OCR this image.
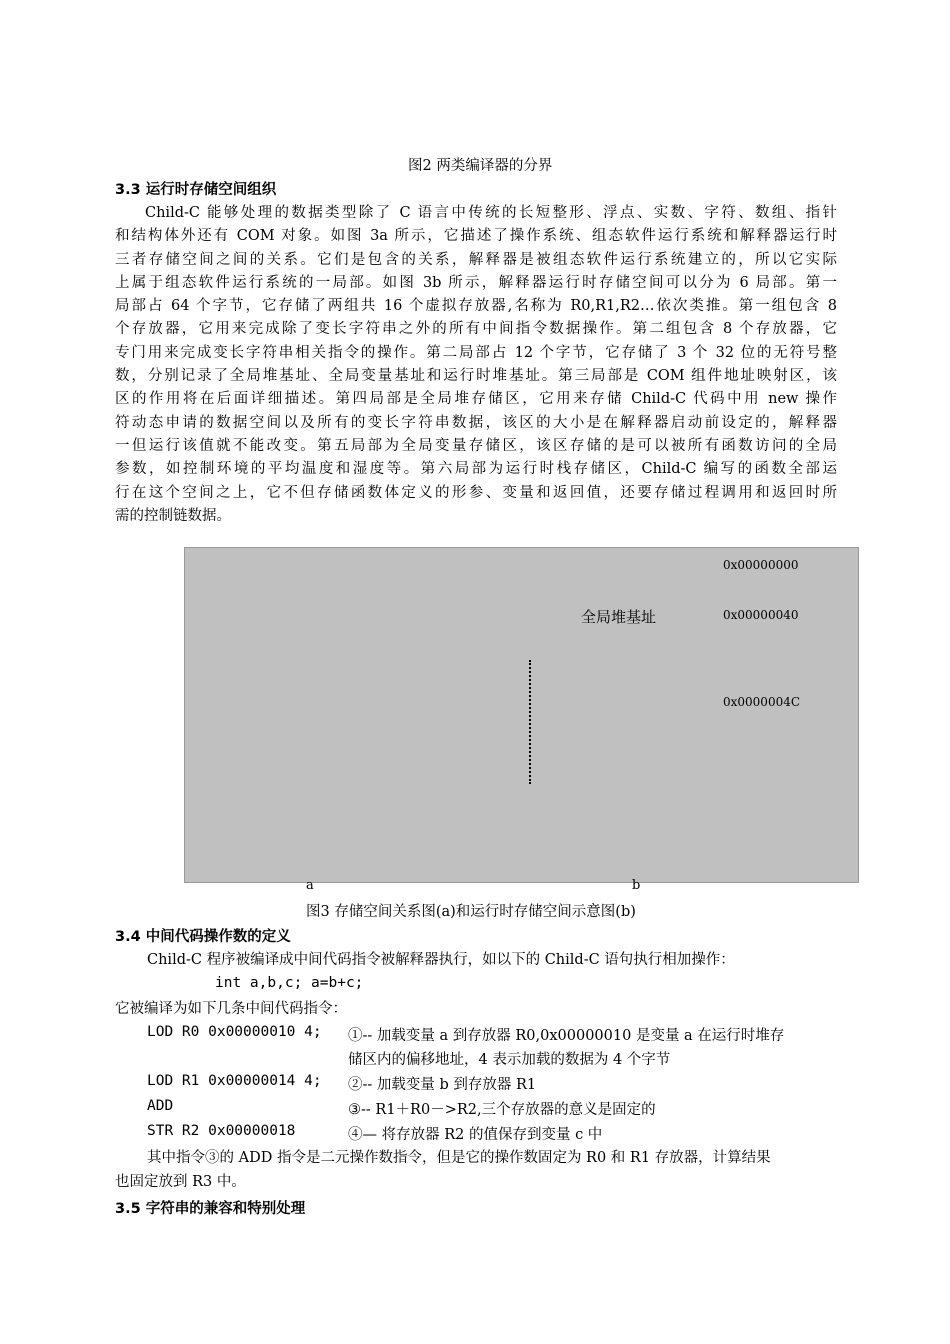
图2 两类编译器的分界
3.3 运行时存储空间组织
Child-C 能够处理的数据类型除了 C 语言中传统的长短整形、浮点、实数、字符、数组、指针
和结构体外还有 COM 对象。如图 3a 所示，它描述了操作系统、组态软件运行系统和解释器运行时
三者存储空间之间的关系。它们是包含的关系，解释器是被组态软件运行系统建立的，所以它实际
上属于组态软件运行系统的一局部。如图 3b 所示，解释器运行时存储空间可以分为 6 局部。第一
局部占 64 个字节，它存储了两组共 16 个虚拟存放器,名称为 R0,R1,R2…依次类推。第一组包含 8
个存放器，它用来完成除了变长字符串之外的所有中间指令数据操作。第二组包含 8 个存放器，它
专门用来完成变长字符串相关指令的操作。第二局部占 12 个字节，它存储了 3 个 32 位的无符号整
数，分别记录了全局堆基址、全局变量基址和运行时堆基址。第三局部是 COM 组件地址映射区，该
区的作用将在后面详细描述。第四局部是全局堆存储区，它用来存储 Child-C 代码中用 new 操作
符动态申请的数据空间以及所有的变长字符串数据，该区的大小是在解释器启动前设定的，解释器
一但运行该值就不能改变。第五局部为全局变量存储区，该区存储的是可以被所有函数访问的全局
参数，如控制环境的平均温度和湿度等。第六局部为运行时栈存储区，Child-C 编写的函数全部运
行在这个空间之上，它不但存储函数体定义的形参、变量和返回值，还要存储过程调用和返回时所
需的控制链数据。
0x00000000
全局堆基址	0x00000040
0x0000004C
a	b
图3 存储空间关系图(a)和运行时存储空间示意图(b)
3.4 中间代码操作数的定义
Child-C 程序被编译成中间代码指令被解释器执行，如以下的 Child-C 语句执行相加操作：
int a,b,c; a=b+c;
它被编译为如下几条中间代码指令：
LOD R0 0x00000010 4; ①-- 加载变量 a 到存放器 R0,0x00000010 是变量 a 在运行时堆存
储区内的偏移地址，4 表示加载的数据为 4 个字节
LOD R1 0x00000014 4; ②-- 加载变量 b 到存放器 R1
ADD	③-- R1＋R0－>R2,三个存放器的意义是固定的
STR R2 0x00000018	④— 将存放器 R2 的值保存到变量 c 中
其中指令③的 ADD 指令是二元操作数指令，但是它的操作数固定为 R0 和 R1 存放器，计算结果
也固定放到 R3 中。
3.5 字符串的兼容和特别处理
